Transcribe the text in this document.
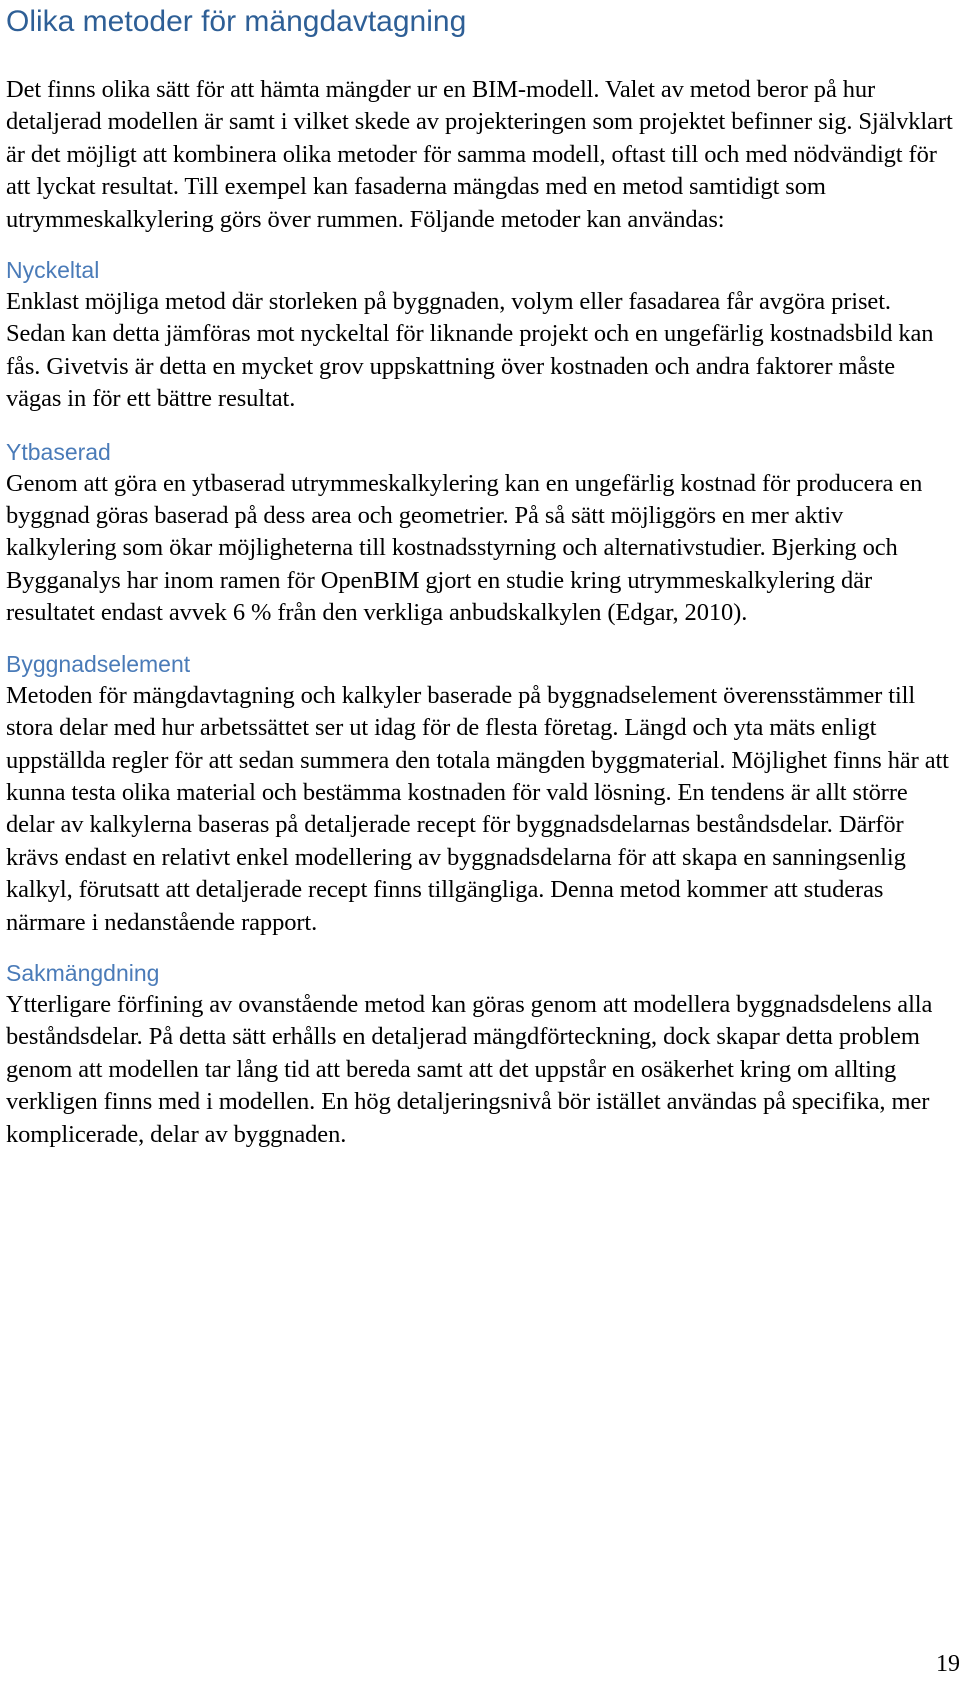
Olika metoder för mängdavtagning

Det finns olika sätt för att hämta mängder ur en BIM-modell. Valet av metod beror på hur detaljerad modellen är samt i vilket skede av projekteringen som projektet befinner sig. Självklart är det möjligt att kombinera olika metoder för samma modell, oftast till och med nödvändigt för att lyckat resultat. Till exempel kan fasaderna mängdas med en metod samtidigt som utrymmeskalkylering görs över rummen. Följande metoder kan användas:

Nyckeltal

Enklast möjliga metod där storleken på byggnaden, volym eller fasadarea får avgöra priset. Sedan kan detta jämföras mot nyckeltal för liknande projekt och en ungefärlig kostnadsbild kan fås. Givetvis är detta en mycket grov uppskattning över kostnaden och andra faktorer måste vägas in för ett bättre resultat.

Ytbaserad

Genom att göra en ytbaserad utrymmeskalkylering kan en ungefärlig kostnad för producera en byggnad göras baserad på dess area och geometrier. På så sätt möjliggörs en mer aktiv kalkylering som ökar möjligheterna till kostnadsstyrning och alternativstudier. Bjerking och Bygganalys har inom ramen för OpenBIM gjort en studie kring utrymmeskalkylering där resultatet endast avvek 6 % från den verkliga anbudskalkylen (Edgar, 2010).

Byggnadselement

Metoden för mängdavtagning och kalkyler baserade på byggnadselement överensstämmer till stora delar med hur arbetssättet ser ut idag för de flesta företag. Längd och yta mäts enligt uppställda regler för att sedan summera den totala mängden byggmaterial. Möjlighet finns här att kunna testa olika material och bestämma kostnaden för vald lösning. En tendens är allt större delar av kalkylerna baseras på detaljerade recept för byggnadsdelarnas beståndsdelar. Därför krävs endast en relativt enkel modellering av byggnadsdelarna för att skapa en sanningsenlig kalkyl, förutsatt att detaljerade recept finns tillgängliga. Denna metod kommer att studeras närmare i nedanstående rapport.

Sakmängdning

Ytterligare förfining av ovanstående metod kan göras genom att modellera byggnadsdelens alla beståndsdelar. På detta sätt erhålls en detaljerad mängdförteckning, dock skapar detta problem genom att modellen tar lång tid att bereda samt att det uppstår en osäkerhet kring om allting verkligen finns med i modellen. En hög detaljeringsnivå bör istället användas på specifika, mer komplicerade, delar av byggnaden.

19
